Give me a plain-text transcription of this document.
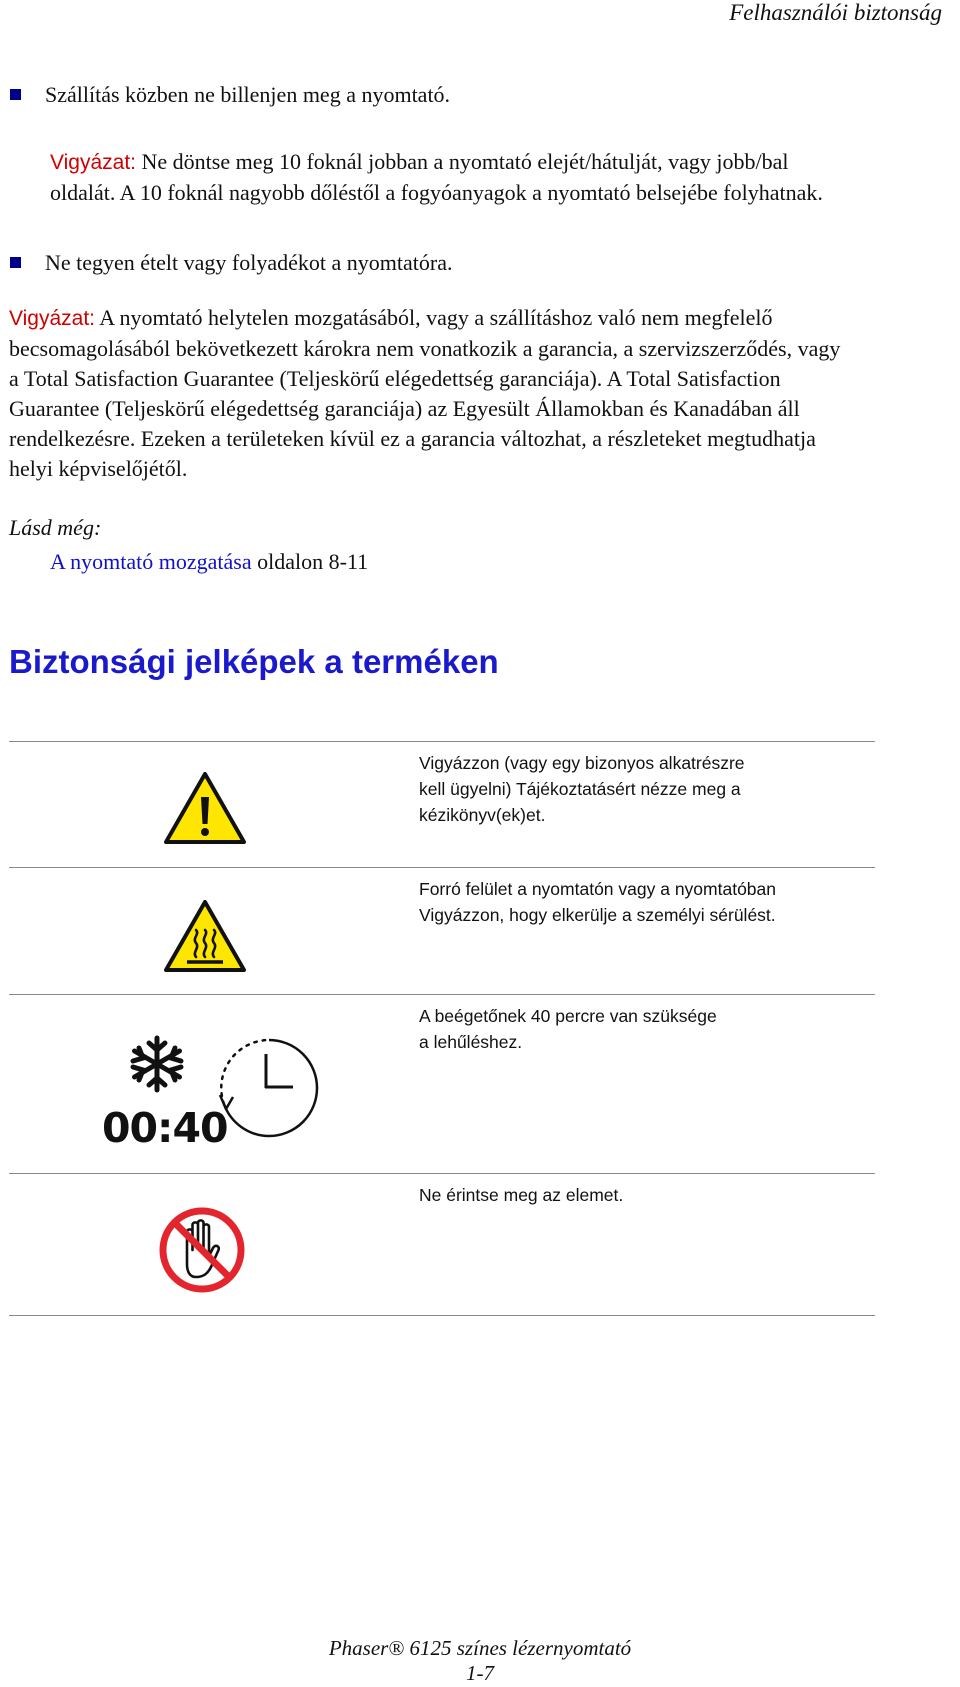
Felhasználói biztonság
Szállítás közben ne billenjen meg a nyomtató.
Vigyázat: Ne döntse meg 10 foknál jobban a nyomtató elejét/hátulját, vagy jobb/bal
oldalát. A 10 foknál nagyobb dőléstől a fogyóanyagok a nyomtató belsejébe folyhatnak.
Ne tegyen ételt vagy folyadékot a nyomtatóra.
Vigyázat: A nyomtató helytelen mozgatásából, vagy a szállításhoz való nem megfelelő
becsomagolásából bekövetkezett károkra nem vonatkozik a garancia, a szervizszerződés, vagy
a Total Satisfaction Guarantee (Teljeskörű elégedettség garanciája). A Total Satisfaction
Guarantee (Teljeskörű elégedettség garanciája) az Egyesült Államokban és Kanadában áll
rendelkezésre. Ezeken a területeken kívül ez a garancia változhat, a részleteket megtudhatja
helyi képviselőjétől.
Lásd még:
A nyomtató mozgatása oldalon 8-11
Biztonsági jelképek a terméken
Vigyázzon (vagy egy bizonyos alkatrészre
kell ügyelni) Tájékoztatásért nézze meg a
kézikönyv(ek)et.
Forró felület a nyomtatón vagy a nyomtatóban
Vigyázzon, hogy elkerülje a személyi sérülést.
00:40
A beégetőnek 40 percre van szüksége
a lehűléshez.
Ne érintse meg az elemet.
Phaser® 6125 színes lézernyomtató
1-7
